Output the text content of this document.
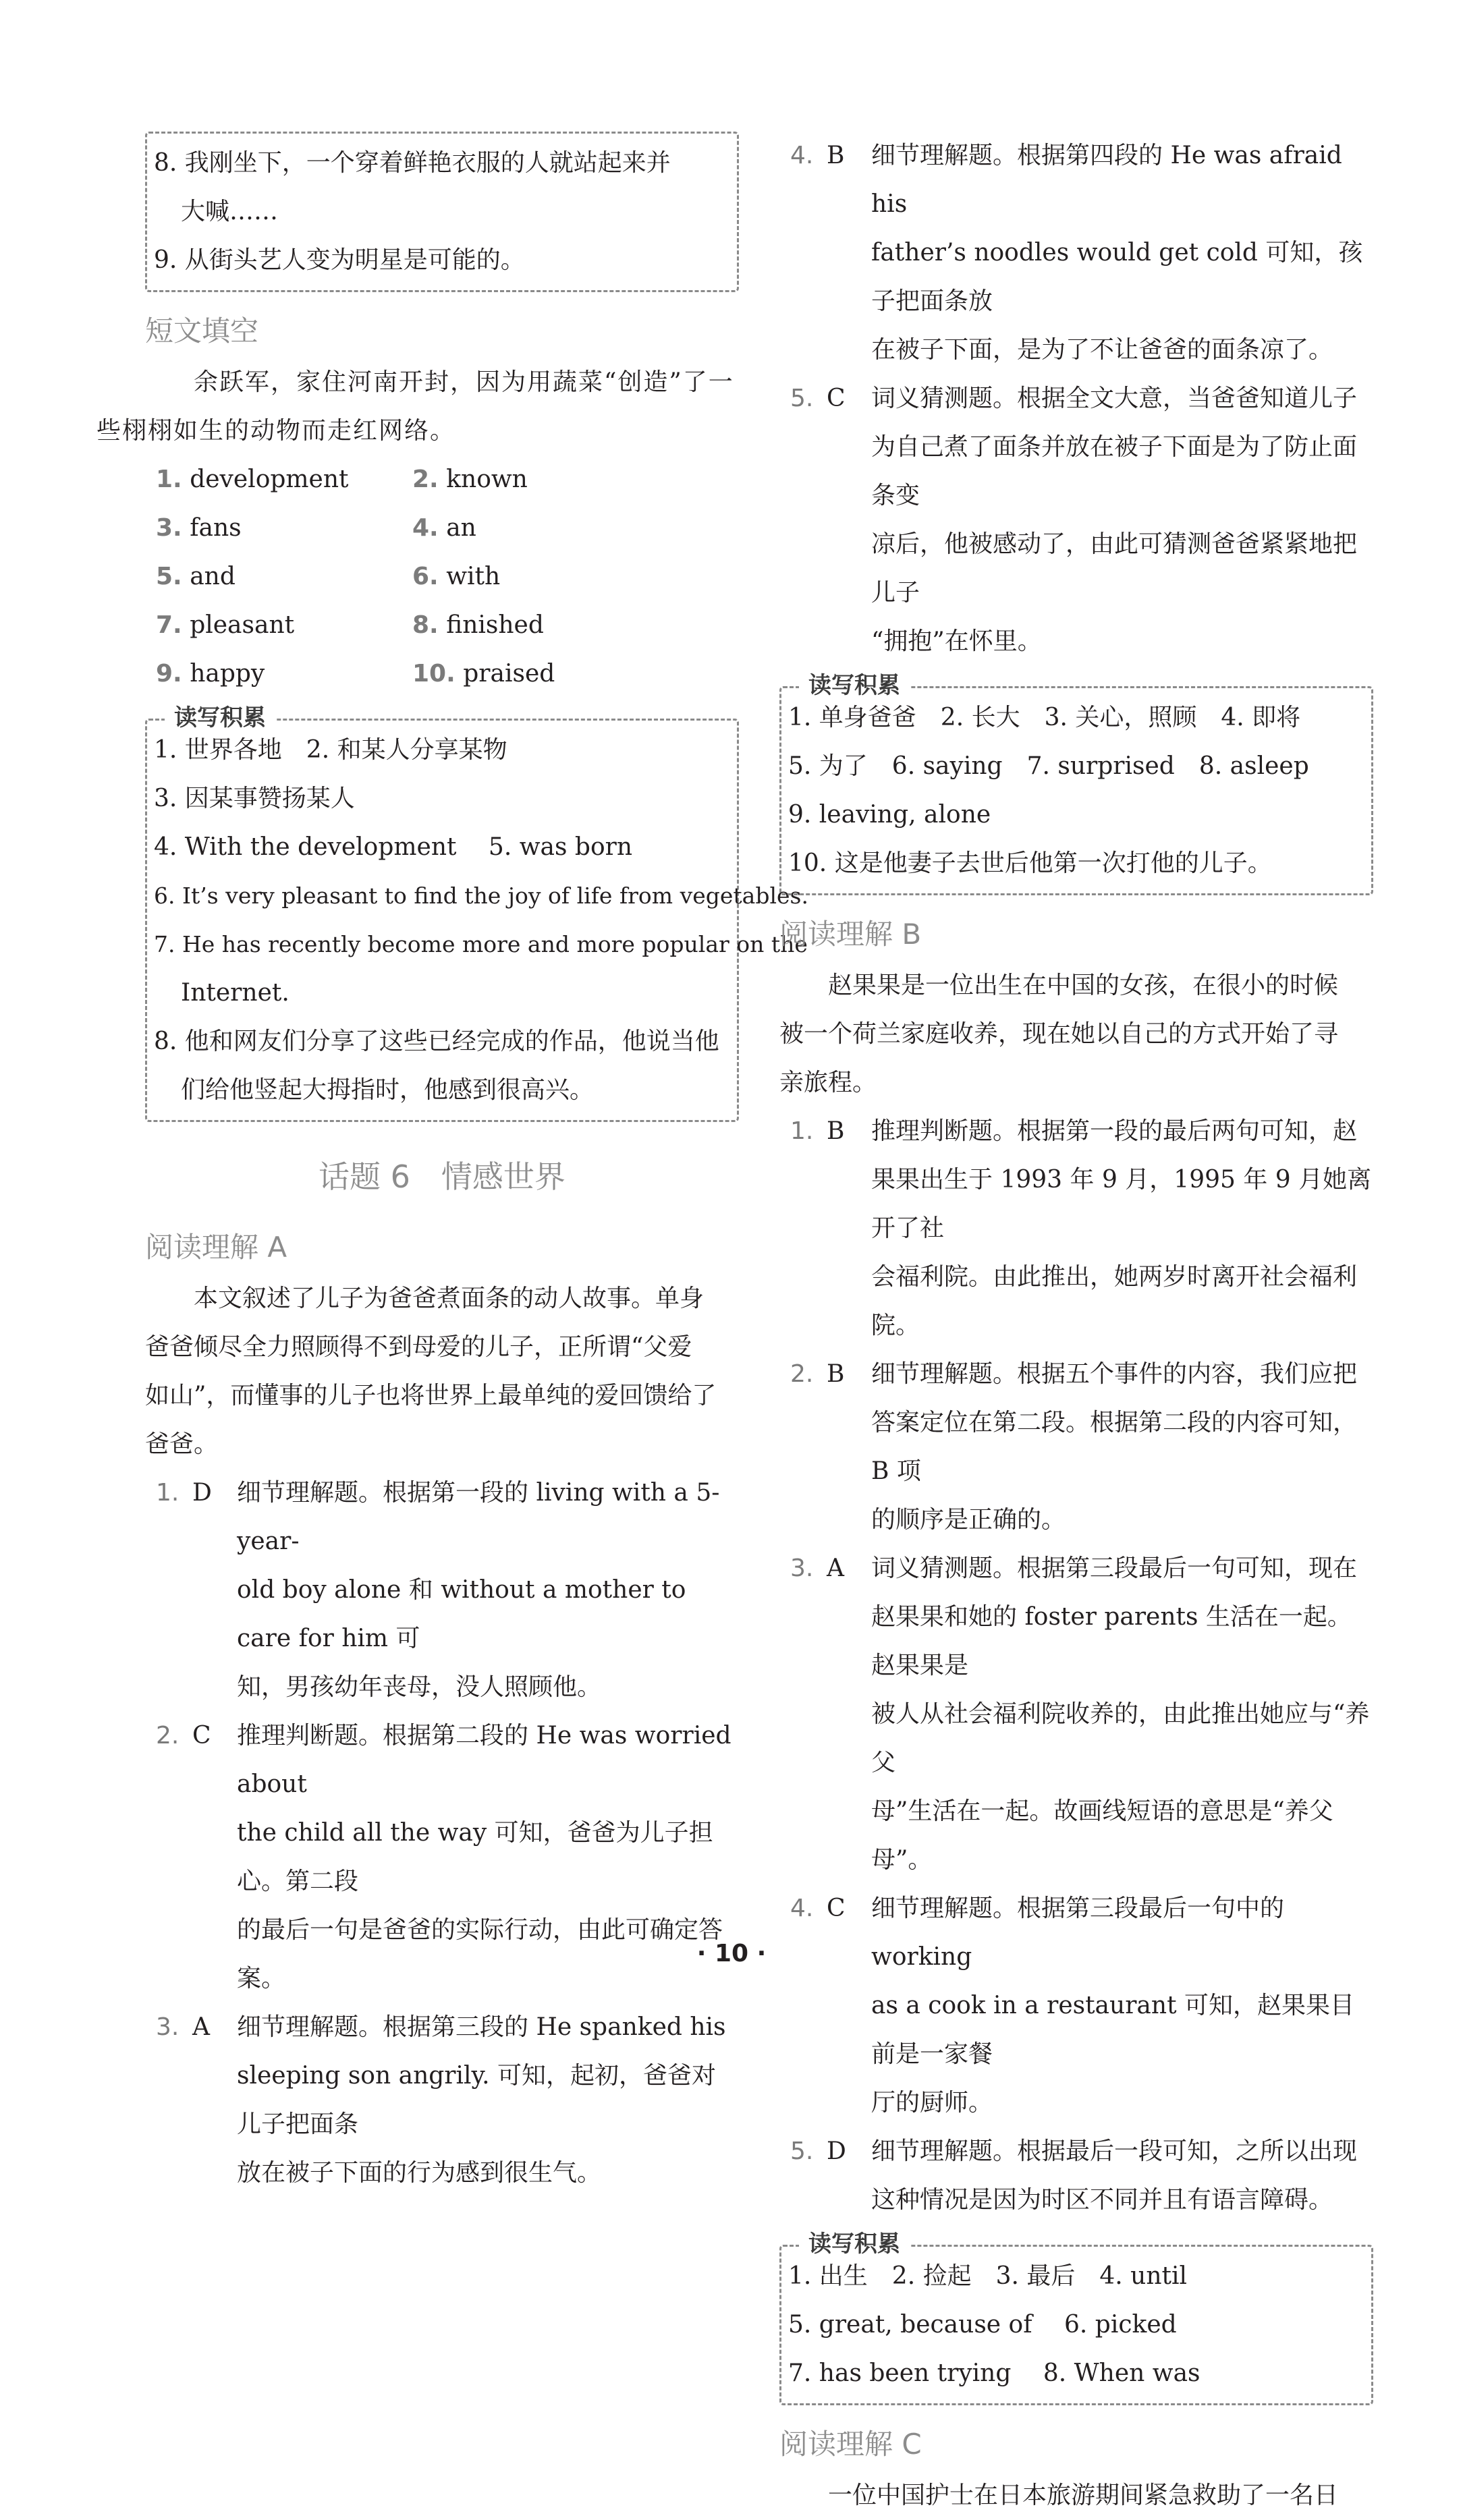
8. 我刚坐下，一个穿着鲜艳衣服的人就站起来并
大喊……
9. 从街头艺人变为明星是可能的。
短文填空
余跃军，家住河南开封，因为用蔬菜“创造”了一
些栩栩如生的动物而走红网络。
1. development	2. known
3. fans	4. an
5. and	6. with
7. pleasant	8. finished
9. happy	10. praised
读写积累
1. 世界各地　2. 和某人分享某物
3. 因某事赞扬某人
4. With the development　 5. was born
6. It’s very pleasant to find the joy of life from vegetables.
7. He has recently become more and more popular on the
Internet.
8. 他和网友们分享了这些已经完成的作品，他说当他
们给他竖起大拇指时，他感到很高兴。
话题 6　情感世界
阅读理解 A
本文叙述了儿子为爸爸煮面条的动人故事。单身
爸爸倾尽全力照顾得不到母爱的儿子，正所谓“父爱
如山”，而懂事的儿子也将世界上最单纯的爱回馈给了
爸爸。
1. D	细节理解题。根据第一段的 living with a 5-year-
old boy alone 和 without a mother to care for him 可
知，男孩幼年丧母，没人照顾他。
2. C	推理判断题。根据第二段的 He was worried about
the child all the way 可知，爸爸为儿子担心。第二段
的最后一句是爸爸的实际行动，由此可确定答案。
3. A	细节理解题。根据第三段的 He spanked his
sleeping son angrily. 可知，起初，爸爸对儿子把面条
放在被子下面的行为感到很生气。
4. B	细节理解题。根据第四段的 He was afraid his
father’s noodles would get cold 可知，孩子把面条放
在被子下面，是为了不让爸爸的面条凉了。
5. C	词义猜测题。根据全文大意，当爸爸知道儿子
为自己煮了面条并放在被子下面是为了防止面条变
凉后，他被感动了，由此可猜测爸爸紧紧地把儿子
“拥抱”在怀里。
读写积累
1. 单身爸爸　2. 长大　3. 关心，照顾　4. 即将
5. 为了　6. saying　7. surprised　8. asleep
9. leaving, alone
10. 这是他妻子去世后他第一次打他的儿子。
阅读理解 B
赵果果是一位出生在中国的女孩，在很小的时候
被一个荷兰家庭收养，现在她以自己的方式开始了寻
亲旅程。
1. B	推理判断题。根据第一段的最后两句可知，赵
果果出生于 1993 年 9 月，1995 年 9 月她离开了社
会福利院。由此推出，她两岁时离开社会福利院。
2. B	细节理解题。根据五个事件的内容，我们应把
答案定位在第二段。根据第二段的内容可知，B 项
的顺序是正确的。
3. A	词义猜测题。根据第三段最后一句可知，现在
赵果果和她的 foster parents 生活在一起。赵果果是
被人从社会福利院收养的，由此推出她应与“养父
母”生活在一起。故画线短语的意思是“养父母”。
4. C	细节理解题。根据第三段最后一句中的 working
as a cook in a restaurant 可知，赵果果目前是一家餐
厅的厨师。
5. D	细节理解题。根据最后一段可知，之所以出现
这种情况是因为时区不同并且有语言障碍。
读写积累
1. 出生　2. 捡起　3. 最后　4. until
5. great, because of　 6. picked
7. has been trying　 8. When was
阅读理解 C
一位中国护士在日本旅游期间紧急救助了一名日
· 10 ·
